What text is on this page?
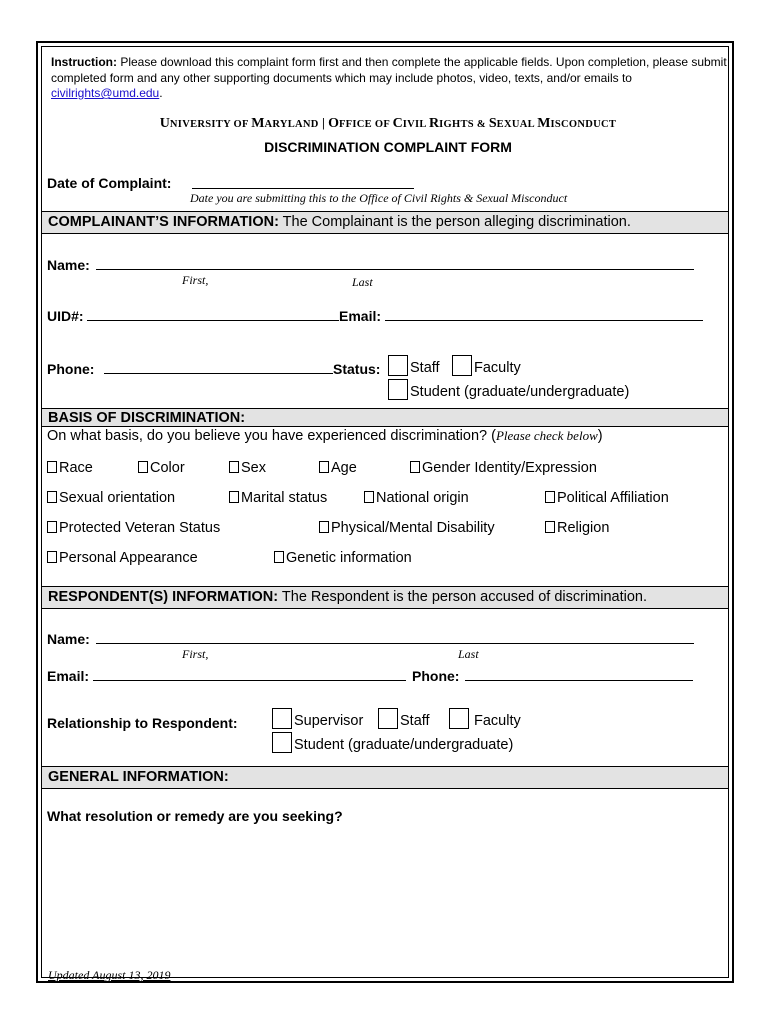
Instruction: Please download this complaint form first and then complete the applicable fields. Upon completion, please submit completed form and any other supporting documents which may include photos, video, texts, and/or emails to civilrights@umd.edu.
UNIVERSITY OF MARYLAND | OFFICE OF CIVIL RIGHTS & SEXUAL MISCONDUCT
DISCRIMINATION COMPLAINT FORM
Date of Complaint:
Date you are submitting this to the Office of Civil Rights & Sexual Misconduct
COMPLAINANT’S INFORMATION: The Complainant is the person alleging discrimination.
Name:
First,	Last
UID#:	Email:
Phone:	Status: Staff Faculty
Student (graduate/undergraduate)
BASIS OF DISCRIMINATION:
On what basis, do you believe you have experienced discrimination? (Please check below)
Race	Color	Sex	Age	Gender Identity/Expression
Sexual orientation	Marital status	National origin	Political Affiliation
Protected Veteran Status	Physical/Mental Disability	Religion
Personal Appearance	Genetic information
RESPONDENT(S) INFORMATION: The Respondent is the person accused of discrimination.
Name:
First,	Last
Email:	Phone:
Relationship to Respondent:	Supervisor	Staff	Faculty
Student (graduate/undergraduate)
GENERAL INFORMATION:
What resolution or remedy are you seeking?
Updated August 13, 2019
